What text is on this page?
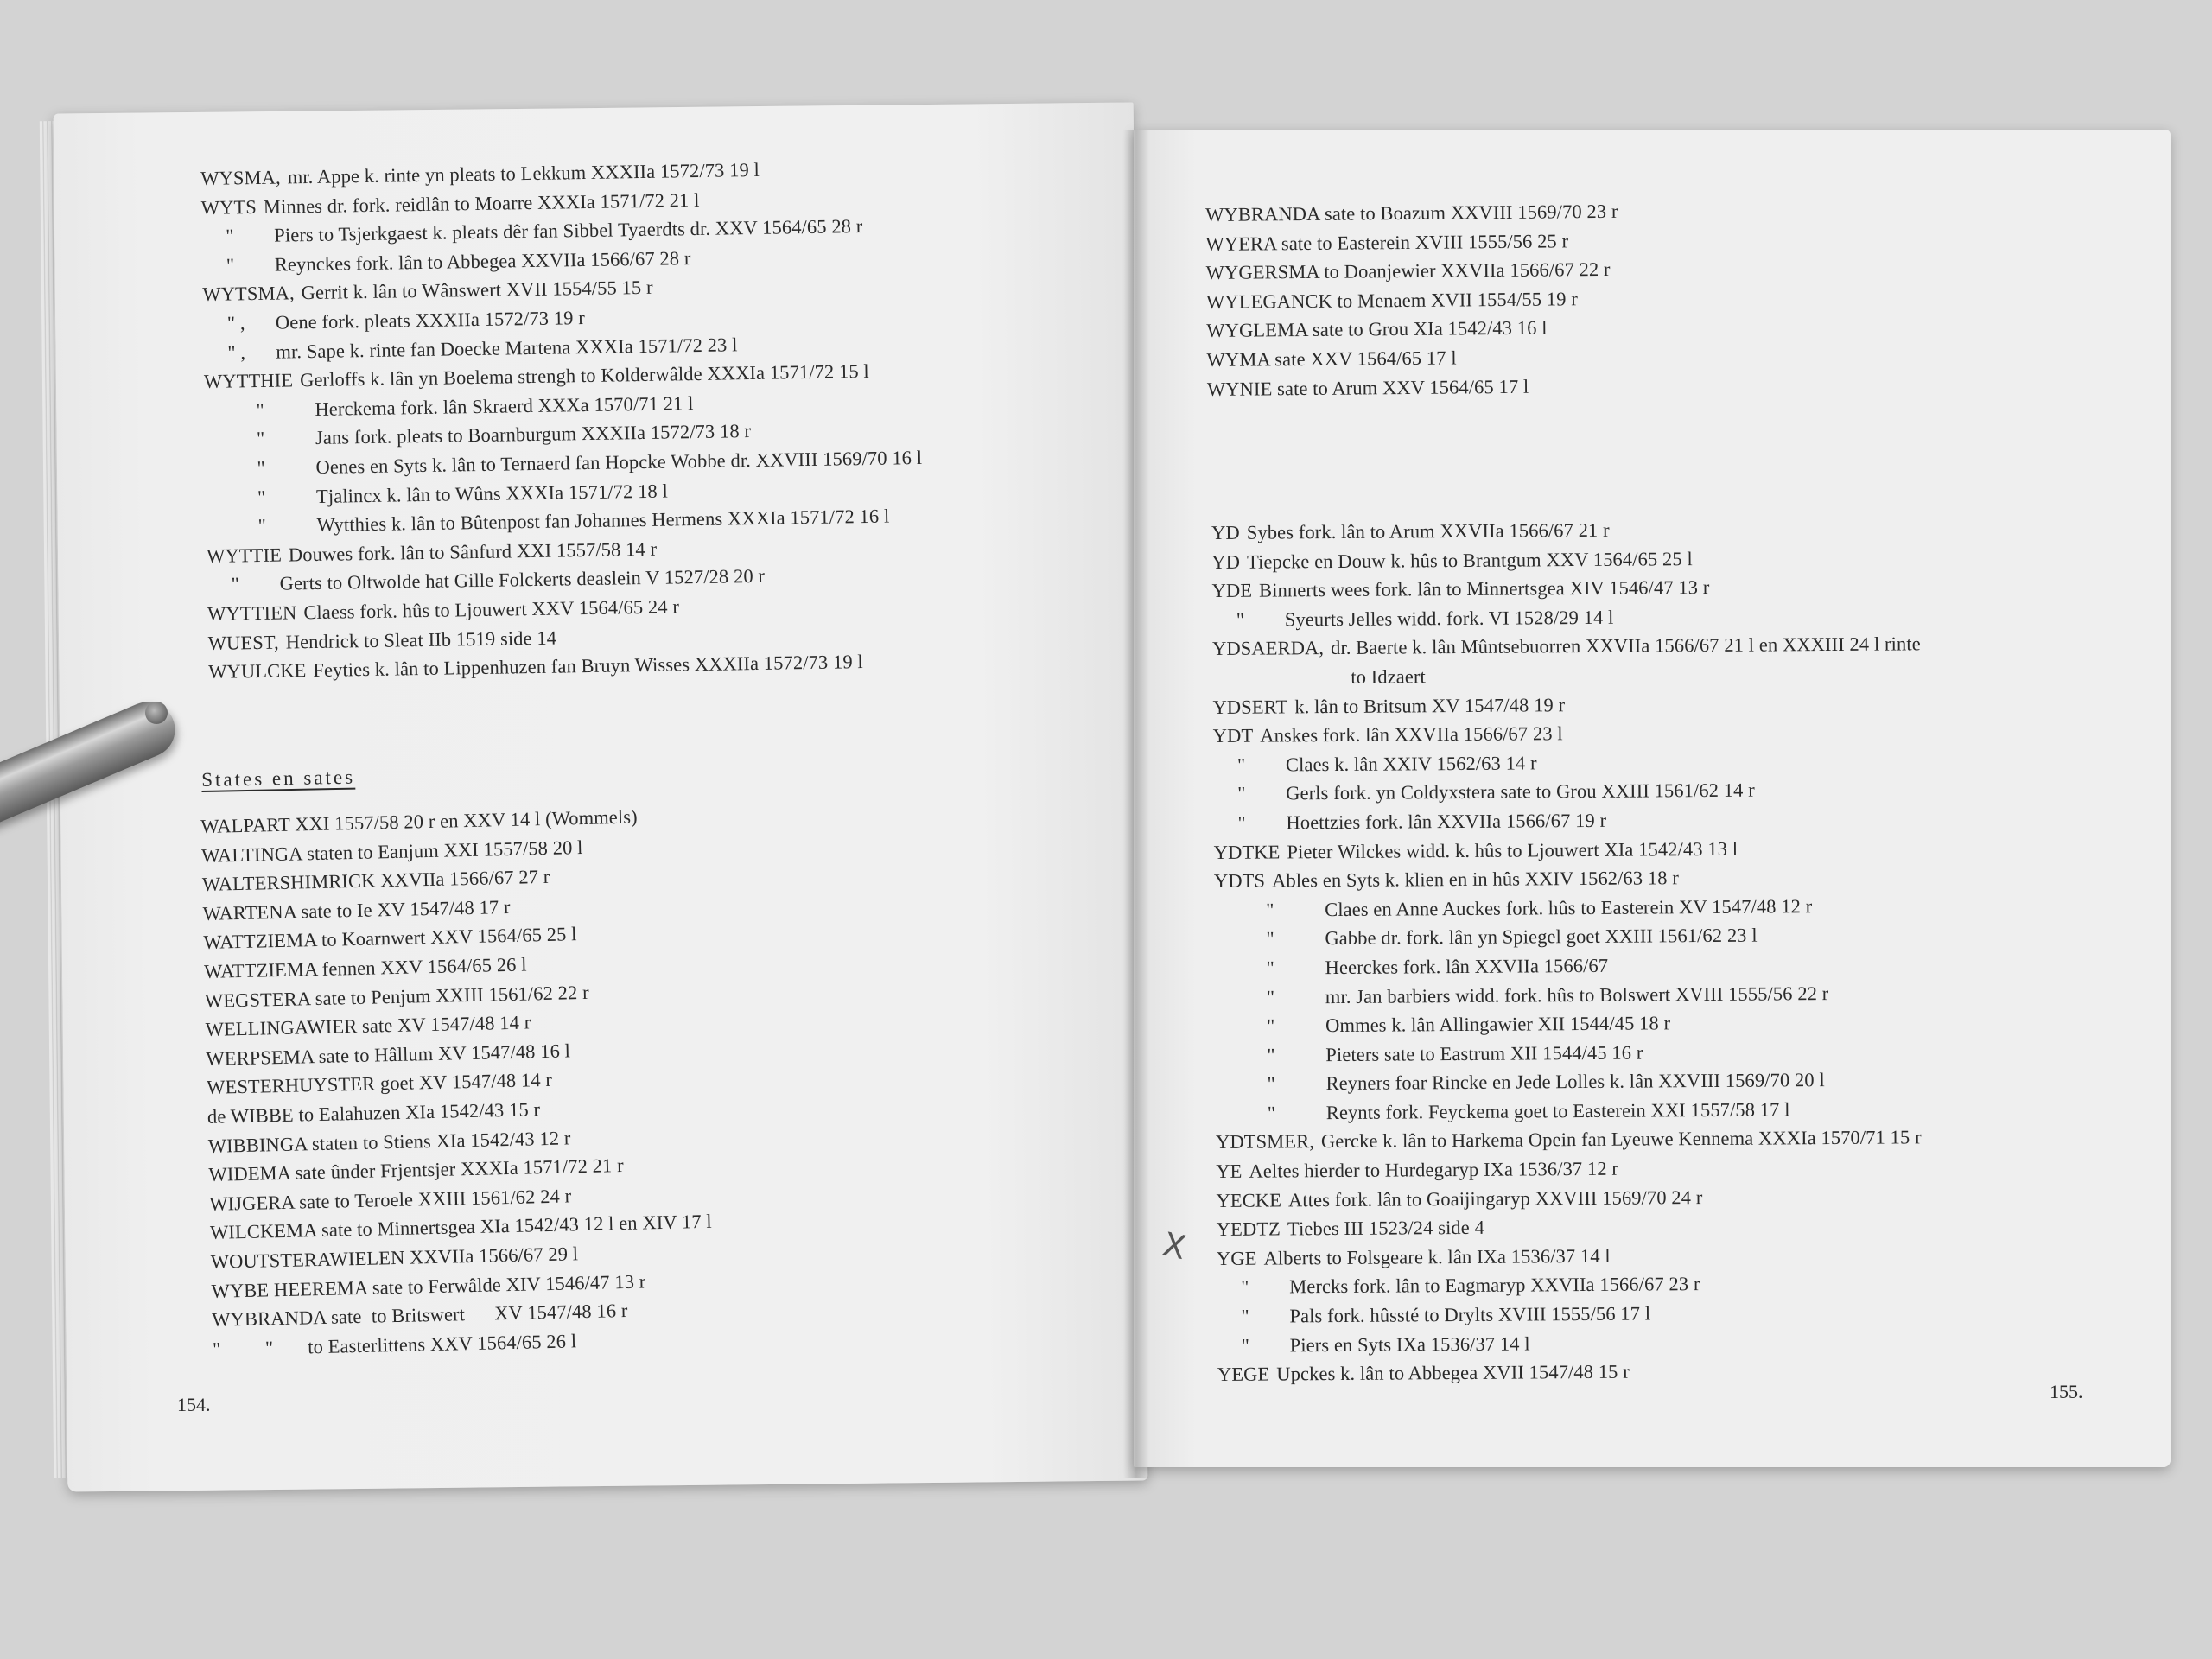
WYSMA, mr. Appe k. rinte yn pleats to Lekkum XXXIIa 1572/73 19 l
WYTS Minnes dr. fork. reidlân to Moarre XXXIa 1571/72 21 l
" Piers to Tsjerkgaest k. pleats dêr fan Sibbel Tyaerdts dr. XXV 1564/65 28 r
" Reynckes fork. lân to Abbegea XXVIIa 1566/67 28 r
WYTSMA, Gerrit k. lân to Wânswert XVII 1554/55 15 r
" , Oene fork. pleats XXXIIa 1572/73 19 r
" , mr. Sape k. rinte fan Doecke Martena XXXIa 1571/72 23 l
WYTTHIE Gerloffs k. lân yn Boelema strengh to Kolderwâlde XXXIa 1571/72 15 l
"	Herckema fork. lân Skraerd XXXa 1570/71 21 l
"	Jans fork. pleats to Boarnburgum XXXIIa 1572/73 18 r
"	Oenes en Syts k. lân to Ternaerd fan Hopcke Wobbe dr. XXVIII 1569/70 16 l
"	Tjalincx k. lân to Wûns XXXIa 1571/72 18 l
"	Wytthies k. lân to Bûtenpost fan Johannes Hermens XXXIa 1571/72 16 l
WYTTIE Douwes fork. lân to Sânfurd XXI 1557/58 14 r
" Gerts to Oltwolde hat Gille Folckerts deaslein V 1527/28 20 r
WYTTIEN Claess fork. hûs to Ljouwert XXV 1564/65 24 r
WUEST, Hendrick to Sleat IIb 1519 side 14
WYULCKE Feyties k. lân to Lippenhuzen fan Bruyn Wisses XXXIIa 1572/73 19 l
States en sates
WALPART XXI 1557/58 20 r en XXV 14 l (Wommels)
WALTINGA staten to Eanjum XXI 1557/58 20 l
WALTERSHIMRICK XXVIIa 1566/67 27 r
WARTENA sate to Ie XV 1547/48 17 r
WATTZIEMA to Koarnwert XXV 1564/65 25 l
WATTZIEMA fennen XXV 1564/65 26 l
WEGSTERA sate to Penjum XXIII 1561/62 22 r
WELLINGAWIER sate XV 1547/48 14 r
WERPSEMA sate to Hâllum XV 1547/48 16 l
WESTERHUYSTER goet XV 1547/48 14 r
de WIBBE to Ealahuzen XIa 1542/43 15 r
WIBBINGA staten to Stiens XIa 1542/43 12 r
WIDEMA sate ûnder Frjentsjer XXXIa 1571/72 21 r
WIJGERA sate to Teroele XXIII 1561/62 24 r
WILCKEMA sate to Minnertsgea XIa 1542/43 12 l en XIV 17 l
WOUTSTERAWIELEN XXVIIa 1566/67 29 l
WYBE HEEREMA sate to Ferwâlde XIV 1546/47 13 r
WYBRANDA sate  to Britswert      XV 1547/48 16 r
"         "       to Easterlittens XXV 1564/65 26 l
154.
WYBRANDA sate to Boazum XXVIII 1569/70 23 r
WYERA sate to Easterein XVIII 1555/56 25 r
WYGERSMA to Doanjewier XXVIIa 1566/67 22 r
WYLEGANCK to Menaem XVII 1554/55 19 r
WYGLEMA sate to Grou XIa 1542/43 16 l
WYMA sate XXV 1564/65 17 l
WYNIE sate to Arum XXV 1564/65 17 l
YD Sybes fork. lân to Arum XXVIIa 1566/67 21 r
YD Tiepcke en Douw k. hûs to Brantgum XXV 1564/65 25 l
YDE Binnerts wees fork. lân to Minnertsgea XIV 1546/47 13 r
" Syeurts Jelles widd. fork. VI 1528/29 14 l
YDSAERDA, dr. Baerte k. lân Mûntsebuorren XXVIIa 1566/67 21 l en XXXIII 24 l rinte
to Idzaert
YDSERT k. lân to Britsum XV 1547/48 19 r
YDT Anskes fork. lân XXVIIa 1566/67 23 l
" Claes k. lân XXIV 1562/63 14 r
" Gerls fork. yn Coldyxstera sate to Grou XXIII 1561/62 14 r
" Hoettzies fork. lân XXVIIa 1566/67 19 r
YDTKE Pieter Wilckes widd. k. hûs to Ljouwert XIa 1542/43 13 l
YDTS Ables en Syts k. klien en in hûs XXIV 1562/63 18 r
"	Claes en Anne Auckes fork. hûs to Easterein XV 1547/48 12 r
"	Gabbe dr. fork. lân yn Spiegel goet XXIII 1561/62 23 l
"	Heerckes fork. lân XXVIIa 1566/67
"	mr. Jan barbiers widd. fork. hûs to Bolswert XVIII 1555/56 22 r
"	Ommes k. lân Allingawier XII 1544/45 18 r
"	Pieters sate to Eastrum XII 1544/45 16 r
"	Reyners foar Rincke en Jede Lolles k. lân XXVIII 1569/70 20 l
"	Reynts fork. Feyckema goet to Easterein XXI 1557/58 17 l
YDTSMER, Gercke k. lân to Harkema Opein fan Lyeuwe Kennema XXXIa 1570/71 15 r
YE Aeltes hierder to Hurdegaryp IXa 1536/37 12 r
YECKE Attes fork. lân to Goaijingaryp XXVIII 1569/70 24 r
YEDTZ Tiebes III 1523/24 side 4
YGE Alberts to Folsgeare k. lân IXa 1536/37 14 l
" Mercks fork. lân to Eagmaryp XXVIIa 1566/67 23 r
" Pals fork. hûssté to Drylts XVIII 1555/56 17 l
" Piers en Syts IXa 1536/37 14 l
YEGE Upckes k. lân to Abbegea XVII 1547/48 15 r
X
155.
